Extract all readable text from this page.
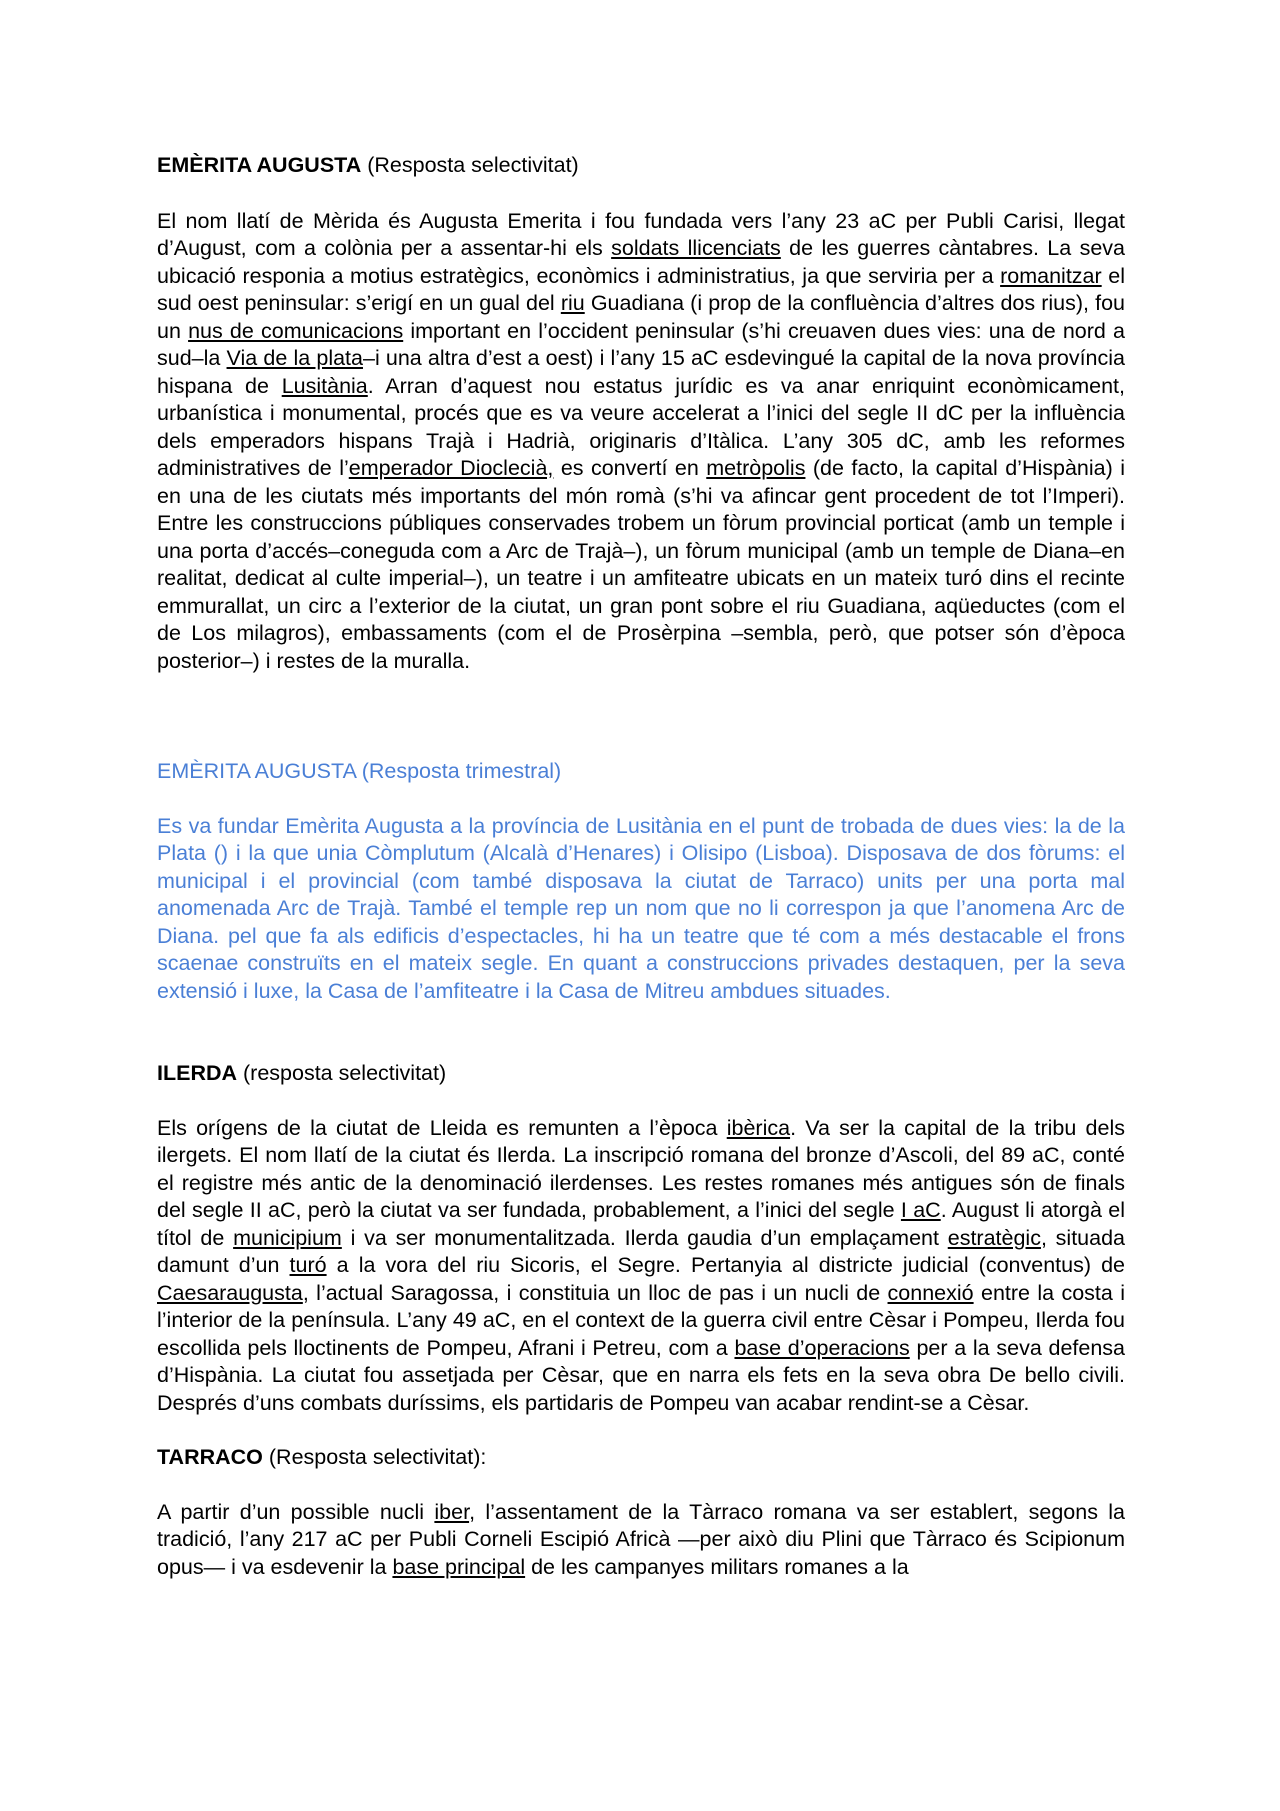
EMÈRITA AUGUSTA (Resposta selectivitat)

El nom llatí de Mèrida és Augusta Emerita i fou fundada vers l’any 23 aC per Publi Carisi, llegat d’August, com a colònia per a assentar-hi els soldats llicenciats de les guerres càntabres. La seva ubicació responia a motius estratègics, econòmics i administratius, ja que serviria per a romanitzar el sud oest peninsular: s’erigí en un gual del riu Guadiana (i prop de la confluència d’altres dos rius), fou un nus de comunicacions important en l’occident peninsular (s’hi creuaven dues vies: una de nord a sud–la Via de la plata–i una altra d’est a oest) i l’any 15 aC esdevingué la capital de la nova província hispana de Lusitània. Arran d’aquest nou estatus jurídic es va anar enriquint econòmicament, urbanística i monumental, procés que es va veure accelerat a l’inici del segle II dC per la influència dels emperadors hispans Trajà i Hadrià, originaris d’Itàlica. L’any 305 dC, amb les reformes administratives de l’emperador Dioclecià, es convertí en metròpolis (de facto, la capital d’Hispània) i en una de les ciutats més importants del món romà (s’hi va afincar gent procedent de tot l’Imperi). Entre les construccions públiques conservades trobem un fòrum provincial porticat (amb un temple i una porta d’accés–coneguda com a Arc de Trajà–), un fòrum municipal (amb un temple de Diana–en realitat, dedicat al culte imperial–), un teatre i un amfiteatre ubicats en un mateix turó dins el recinte emmurallat, un circ a l’exterior de la ciutat, un gran pont sobre el riu Guadiana, aqüeductes (com el de Los milagros), embassaments (com el de Prosèrpina –sembla, però, que potser són d’època posterior–) i restes de la muralla.

EMÈRITA AUGUSTA (Resposta trimestral)

Es va fundar Emèrita Augusta a la província de Lusitània en el punt de trobada de dues vies: la de la Plata () i la que unia Còmplutum (Alcalà d’Henares) i Olisipo (Lisboa). Disposava de dos fòrums: el municipal i el provincial (com també disposava la ciutat de Tarraco) units per una porta mal anomenada Arc de Trajà. També el temple rep un nom que no li correspon ja que l’anomena Arc de Diana. pel que fa als edificis d’espectacles, hi ha un teatre que té com a més destacable el frons scaenae construïts en el mateix segle. En quant a construccions privades destaquen, per la seva extensió i luxe, la Casa de l’amfiteatre i la Casa de Mitreu ambdues situades.

ILERDA (resposta selectivitat)

Els orígens de la ciutat de Lleida es remunten a l’època ibèrica. Va ser la capital de la tribu dels ilergets. El nom llatí de la ciutat és Ilerda. La inscripció romana del bronze d’Ascoli, del 89 aC, conté el registre més antic de la denominació ilerdenses. Les restes romanes més antigues són de finals del segle II aC, però la ciutat va ser fundada, probablement, a l’inici del segle I aC. August li atorgà el títol de municipium i va ser monumentalitzada. Ilerda gaudia d’un emplaçament estratègic, situada damunt d’un turó a la vora del riu Sicoris, el Segre. Pertanyia al districte judicial (conventus) de Caesaraugusta, l’actual Saragossa, i constituia un lloc de pas i un nucli de connexió entre la costa i l’interior de la península. L’any 49 aC, en el context de la guerra civil entre Cèsar i Pompeu, Ilerda fou escollida pels lloctinents de Pompeu, Afrani i Petreu, com a base d’operacions per a la seva defensa d’Hispània. La ciutat fou assetjada per Cèsar, que en narra els fets en la seva obra De bello civili. Després d’uns combats duríssims, els partidaris de Pompeu van acabar rendint-se a Cèsar.

TARRACO (Resposta selectivitat):

A partir d’un possible nucli iber, l’assentament de la Tàrraco romana va ser establert, segons la tradició, l’any 217 aC per Publi Corneli Escipió Africà —per això diu Plini que Tàrraco és Scipionum opus— i va esdevenir la base principal de les campanyes militars romanes a la
